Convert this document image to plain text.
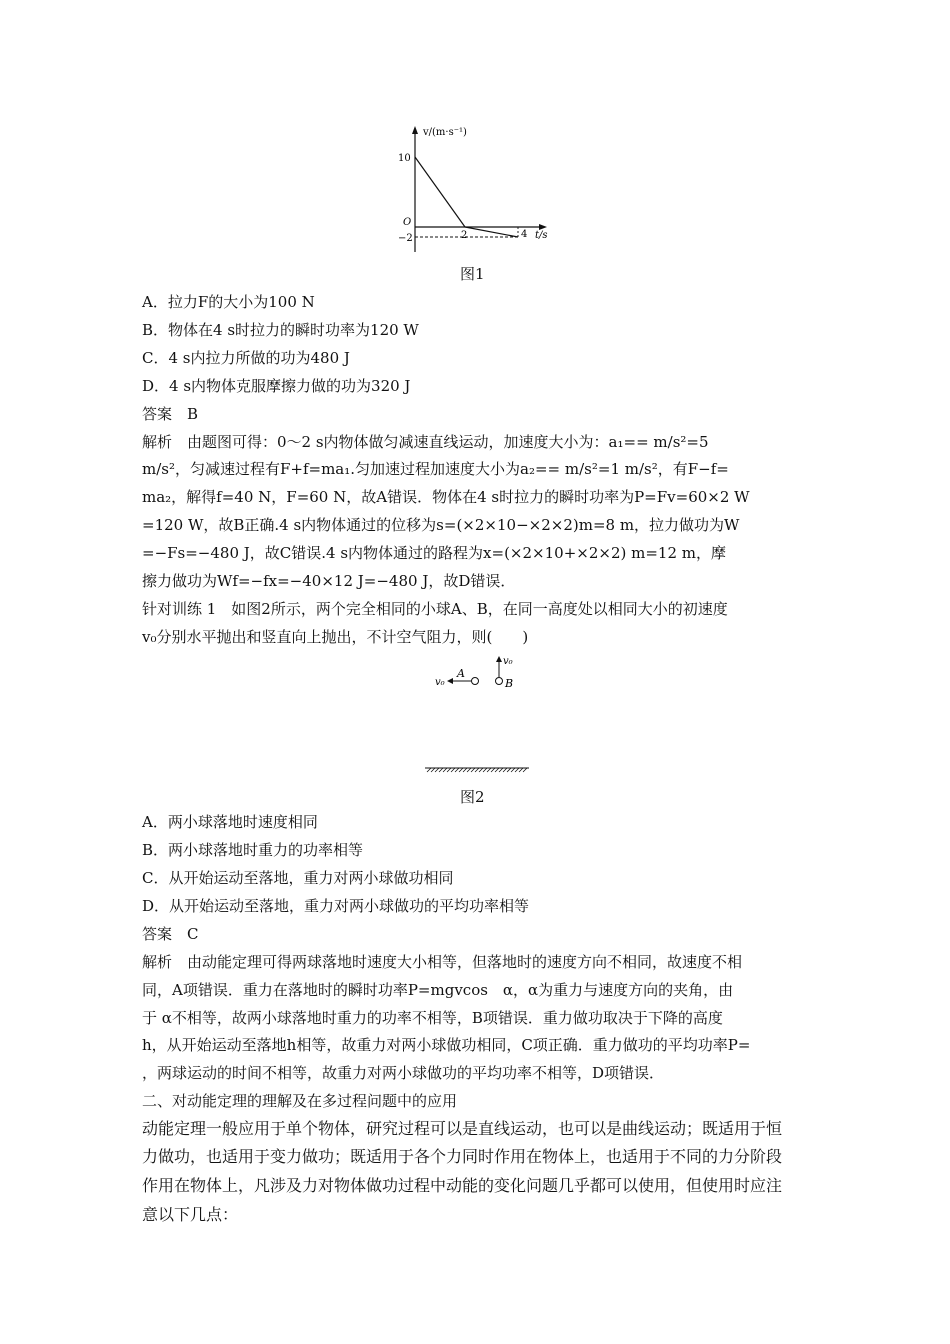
v/(m·s⁻¹)
10
O
−2	2	4 t/s
图1
A．拉力F的大小为100 N
B．物体在4 s时拉力的瞬时功率为120 W
C．4 s内拉力所做的功为480 J
D．4 s内物体克服摩擦力做的功为320 J
答案　B
解析　由题图可得：0～2 s内物体做匀减速直线运动，加速度大小为：a₁== m/s²=5
m/s²，匀减速过程有F+f=ma₁.匀加速过程加速度大小为a₂== m/s²=1 m/s²，有F−f=
ma₂，解得f=40 N，F=60 N，故A错误．物体在4 s时拉力的瞬时功率为P=Fv=60×2 W
=120 W，故B正确.4 s内物体通过的位移为s=(×2×10−×2×2)m=8 m，拉力做功为W
=−Fs=−480 J，故C错误.4 s内物体通过的路程为x=(×2×10+×2×2) m=12 m，摩
擦力做功为Wf=−fx=−40×12 J=−480 J，故D错误．
针对训练 1　如图2所示，两个完全相同的小球A、B，在同一高度处以相同大小的初速度
v₀分别水平抛出和竖直向上抛出，不计空气阻力，则(　　)
v₀
A
v₀
B
图2
A．两小球落地时速度相同
B．两小球落地时重力的功率相等
C．从开始运动至落地，重力对两小球做功相同
D．从开始运动至落地，重力对两小球做功的平均功率相等
答案　C
解析　由动能定理可得两球落地时速度大小相等，但落地时的速度方向不相同，故速度不相
同，A项错误．重力在落地时的瞬时功率P=mgvcos　α，α为重力与速度方向的夹角，由
于 α不相等，故两小球落地时重力的功率不相等，B项错误．重力做功取决于下降的高度
h，从开始运动至落地h相等，故重力对两小球做功相同，C项正确．重力做功的平均功率P=
，两球运动的时间不相等，故重力对两小球做功的平均功率不相等，D项错误．
二、对动能定理的理解及在多过程问题中的应用
动能定理一般应用于单个物体，研究过程可以是直线运动，也可以是曲线运动；既适用于恒
力做功，也适用于变力做功；既适用于各个力同时作用在物体上，也适用于不同的力分阶段
作用在物体上，凡涉及力对物体做功过程中动能的变化问题几乎都可以使用，但使用时应注
意以下几点：
